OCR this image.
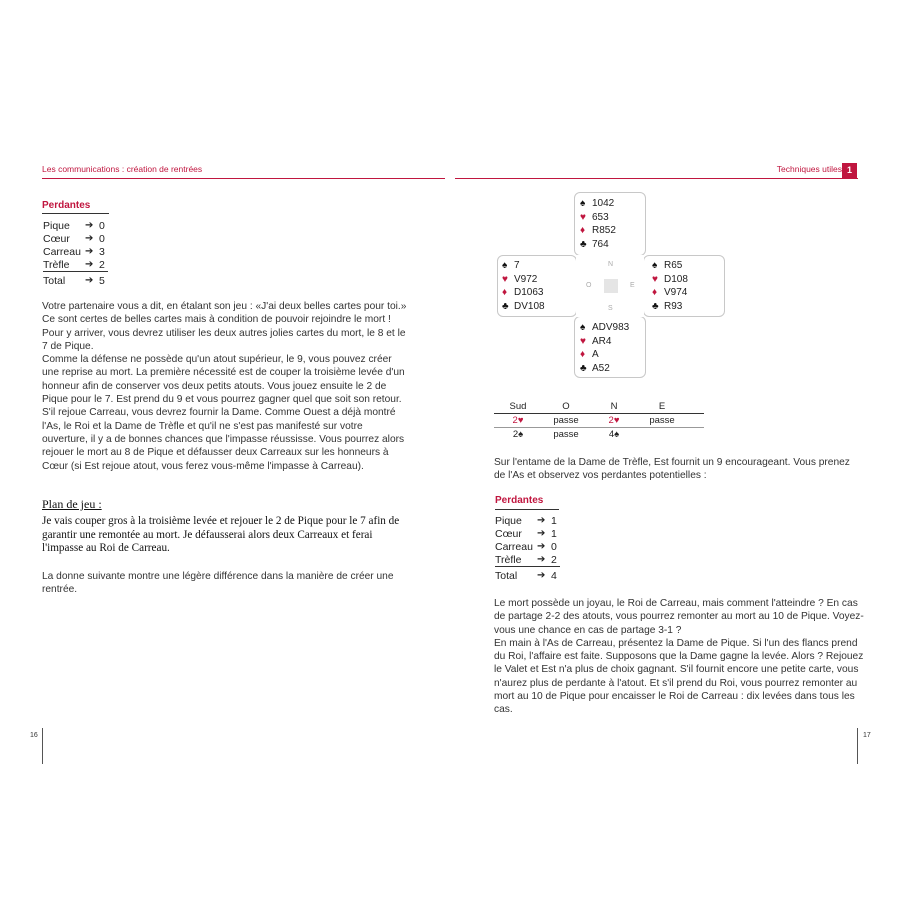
Les communications : création de rentrées	Techniques utiles 1
Perdantes
Pique	➔ 0
Cœur	➔ 0
Carreau ➔ 3
Trèfle	➔ 2
Total	➔ 5

Votre partenaire vous a dit, en étalant son jeu : «J'ai deux belles cartes pour toi.» Ce sont certes de belles cartes mais à condition de pouvoir rejoindre le mort ! Pour y arriver, vous devrez utiliser les deux autres jolies cartes du mort, le 8 et le 7 de Pique.

Comme la défense ne possède qu'un atout supérieur, le 9, vous pouvez créer une reprise au mort. La première nécessité est de couper la troisième levée d'un honneur afin de conserver vos deux petits atouts. Vous jouez ensuite le 2 de Pique pour le 7. Est prend du 9 et vous pourrez gagner quel que soit son retour. S'il rejoue Carreau, vous devrez fournir la Dame. Comme Ouest a déjà montré l'As, le Roi et la Dame de Trèfle et qu'il ne s'est pas manifesté sur votre ouverture, il y a de bonnes chances que l'impasse réussisse. Vous pourrez alors rejouer le mort au 8 de Pique et défausser deux Carreaux sur les honneurs à Cœur (si Est rejoue atout, vous ferez vous-même l'impasse à Carreau).

Plan de jeu :
Je vais couper gros à la troisième levée et rejouer le 2 de Pique pour le 7 afin de garantir une remontée au mort. Je défausserai alors deux Carreaux et ferai l'impasse au Roi de Carreau.
La donne suivante montre une légère différence dans la manière de créer une rentrée.
16
♠ 1042
♥ 653
♦ R852
♣ 764
♠ 7
♥ V972
♦ D1063
♣ DV108
♠ R65
♥ D108
♦ V974
♣ R93
♠ ADV983
♥ AR4
♦ A
♣ A52
N
O	E
S
Sud	O	N	E
2♥	passe	2♥	passe
2♠	passe	4♠
Sur l'entame de la Dame de Trèfle, Est fournit un 9 encourageant. Vous prenez de l'As et observez vos perdantes potentielles :
Perdantes
Pique	➔ 1
Cœur	➔ 1
Carreau ➔ 0
Trèfle	➔ 2
Total	➔ 4

Le mort possède un joyau, le Roi de Carreau, mais comment l'atteindre ? En cas de partage 2-2 des atouts, vous pourrez remonter au mort au 10 de Pique. Voyez-vous une chance en cas de partage 3-1 ?

En main à l'As de Carreau, présentez la Dame de Pique. Si l'un des flancs prend du Roi, l'affaire est faite. Supposons que la Dame gagne la levée. Alors ? Rejouez le Valet et Est n'a plus de choix gagnant. S'il fournit encore une petite carte, vous n'aurez plus de perdante à l'atout. Et s'il prend du Roi, vous pourrez remonter au mort au 10 de Pique pour encaisser le Roi de Carreau : dix levées dans tous les cas.

17
